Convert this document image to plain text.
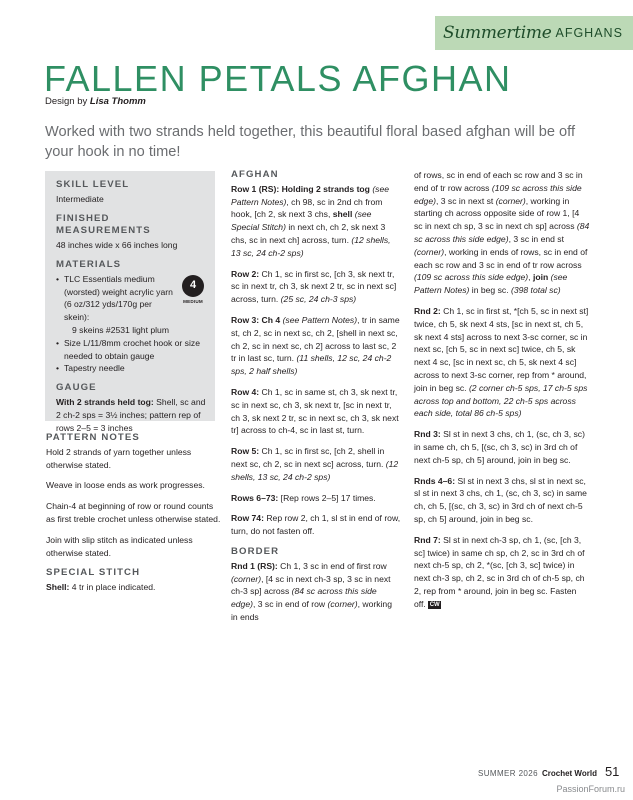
Summertime AFGHANS
FALLEN PETALS AFGHAN
Design by Lisa Thomm
Worked with two strands held together, this beautiful floral based afghan will be off your hook in no time!
SKILL LEVEL
Intermediate
FINISHED MEASUREMENTS
48 inches wide x 66 inches long
MATERIALS
• TLC Essentials medium (worsted) weight acrylic yarn (6 oz/312 yds/170g per skein):
4
MEDIUM
9 skeins #2531 light plum
• Size L/11/8mm crochet hook or size needed to obtain gauge
• Tapestry needle
GAUGE
With 2 strands held tog: Shell, sc and 2 ch-2 sps = 3½ inches; pattern rep of rows 2–5 = 3 inches
PATTERN NOTES

Hold 2 strands of yarn together unless otherwise stated.

Weave in loose ends as work progresses.

Chain-4 at beginning of row or round counts as first treble crochet unless otherwise stated.

Join with slip stitch as indicated unless otherwise stated.

SPECIAL STITCH

Shell: 4 tr in place indicated.

AFGHAN

Row 1 (RS): Holding 2 strands tog (see Pattern Notes), ch 98, sc in 2nd ch from hook, [ch 2, sk next 3 chs, shell (see Special Stitch) in next ch, ch 2, sk next 3 chs, sc in next ch] across, turn. (12 shells, 13 sc, 24 ch-2 sps)

Row 2: Ch 1, sc in first sc, [ch 3, sk next tr, sc in next tr, ch 3, sk next 2 tr, sc in next sc] across, turn. (25 sc, 24 ch-3 sps)

Row 3: Ch 4 (see Pattern Notes), tr in same st, ch 2, sc in next sc, ch 2, [shell in next sc, ch 2, sc in next sc, ch 2] across to last sc, 2 tr in last sc, turn. (11 shells, 12 sc, 24 ch-2 sps, 2 half shells)

Row 4: Ch 1, sc in same st, ch 3, sk next tr, sc in next sc, ch 3, sk next tr, [sc in next tr, ch 3, sk next 2 tr, sc in next sc, ch 3, sk next tr] across to ch-4, sc in last st, turn.

Row 5: Ch 1, sc in first sc, [ch 2, shell in next sc, ch 2, sc in next sc] across, turn. (12 shells, 13 sc, 24 ch-2 sps)

Rows 6–73: [Rep rows 2–5] 17 times.

Row 74: Rep row 2, ch 1, sl st in end of row, turn, do not fasten off.

BORDER

Rnd 1 (RS): Ch 1, 3 sc in end of first row (corner), [4 sc in next ch-3 sp, 3 sc in next ch-3 sp] across (84 sc across this side edge), 3 sc in end of row (corner), working in ends

of rows, sc in end of each sc row and 3 sc in end of tr row across (109 sc across this side edge), 3 sc in next st (corner), working in starting ch across opposite side of row 1, [4 sc in next ch sp, 3 sc in next ch sp] across (84 sc across this side edge), 3 sc in end st (corner), working in ends of rows, sc in end of each sc row and 3 sc in end of tr row across (109 sc across this side edge), join (see Pattern Notes) in beg sc. (398 total sc)

Rnd 2: Ch 1, sc in first st, *[ch 5, sc in next st] twice, ch 5, sk next 4 sts, [sc in next st, ch 5, sk next 4 sts] across to next 3-sc corner, sc in next sc, [ch 5, sc in next sc] twice, ch 5, sk next 4 sc, [sc in next sc, ch 5, sk next 4 sc] across to next 3-sc corner, rep from * around, join in beg sc. (2 corner ch-5 sps, 17 ch-5 sps across top and bottom, 22 ch-5 sps across each side, total 86 ch-5 sps)

Rnd 3: Sl st in next 3 chs, ch 1, (sc, ch 3, sc) in same ch, ch 5, [(sc, ch 3, sc) in 3rd ch of next ch-5 sp, ch 5] around, join in beg sc.

Rnds 4–6: Sl st in next 3 chs, sl st in next sc, sl st in next 3 chs, ch 1, (sc, ch 3, sc) in same ch, ch 5, [(sc, ch 3, sc) in 3rd ch of next ch-5 sp, ch 5] around, join in beg sc.

Rnd 7: Sl st in next ch-3 sp, ch 1, (sc, [ch 3, sc] twice) in same ch sp, ch 2, sc in 3rd ch of next ch-5 sp, ch 2, *(sc, [ch 3, sc] twice) in next ch-3 sp, ch 2, sc in 3rd ch of ch-5 sp, ch 2, rep from * around, join in beg sc. Fasten off. CW

SUMMER 2026 Crochet World 51
PassionForum.ru
